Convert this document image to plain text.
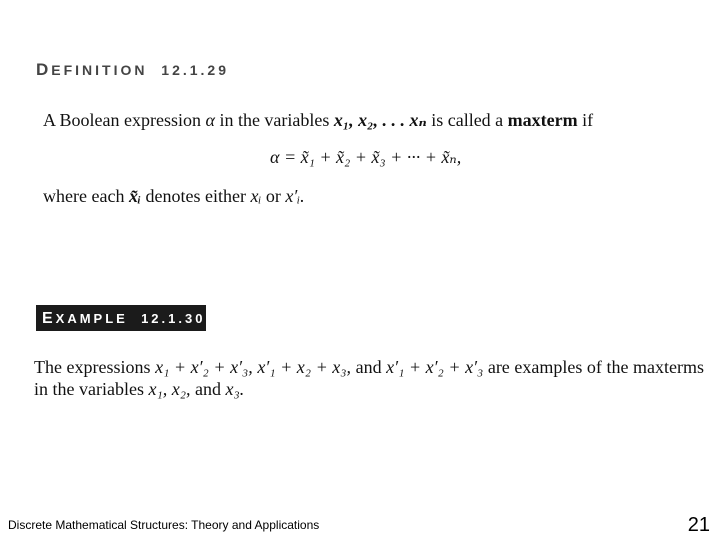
DEFINITION 12.1.29

A Boolean expression α in the variables x₁, x₂, . . . xₙ is called a maxterm if

α = x̃₁ + x̃₂ + x̃₃ + ··· + x̃ₙ,

where each x̃ᵢ denotes either xᵢ or x′ᵢ.

EXAMPLE 12.1.30

The expressions x₁ + x′₂ + x′₃, x′₁ + x₂ + x₃, and x′₁ + x′₂ + x′₃ are examples of the maxterms in the variables x₁, x₂, and x₃.

Discrete Mathematical Structures: Theory and Applications	21
